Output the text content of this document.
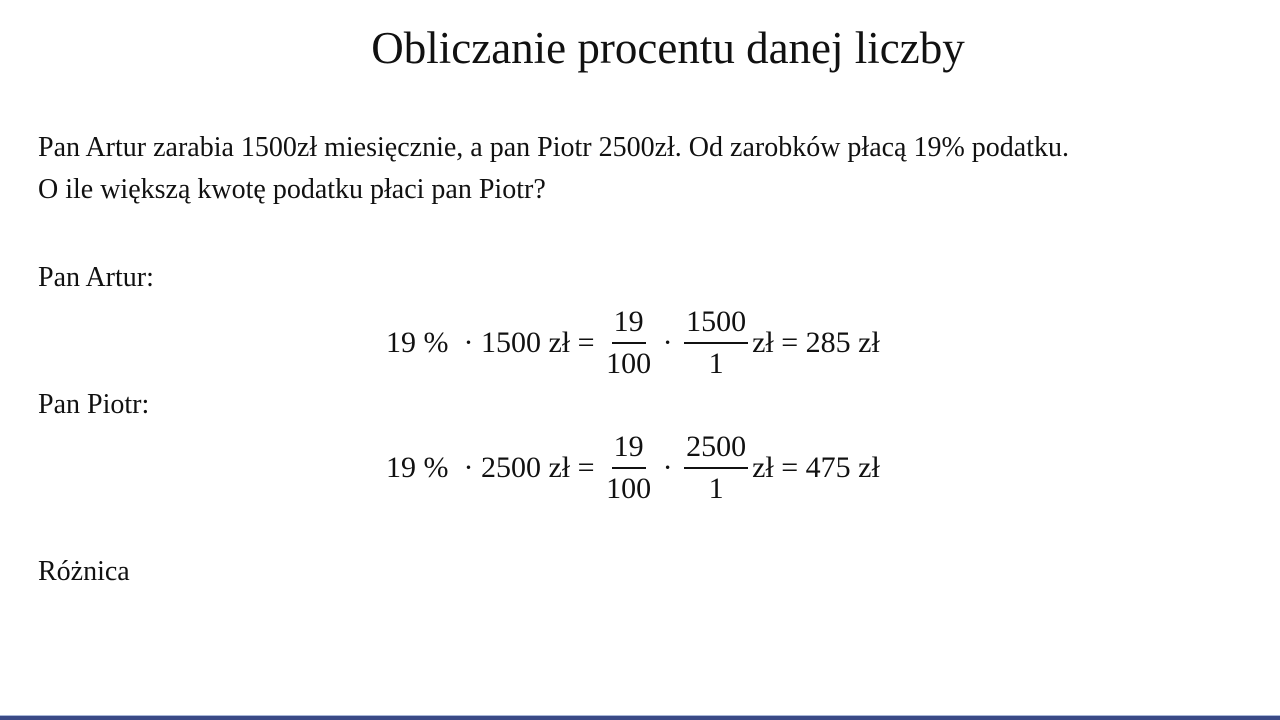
Obliczanie procentu danej liczby
Pan Artur zarabia 1500zł miesięcznie, a pan Piotr 2500zł. Od zarobków płacą 19% podatku.
O ile większą kwotę podatku płaci pan Piotr?
Pan Artur:
19 %  · 1500 zł = $\frac{19}{100} \cdot \frac{1500}{1}$ zł = 285 zł
Pan Piotr:
19 %  · 2500 zł = $\frac{19}{100} \cdot \frac{2500}{1}$ zł = 475 zł
Różnica
